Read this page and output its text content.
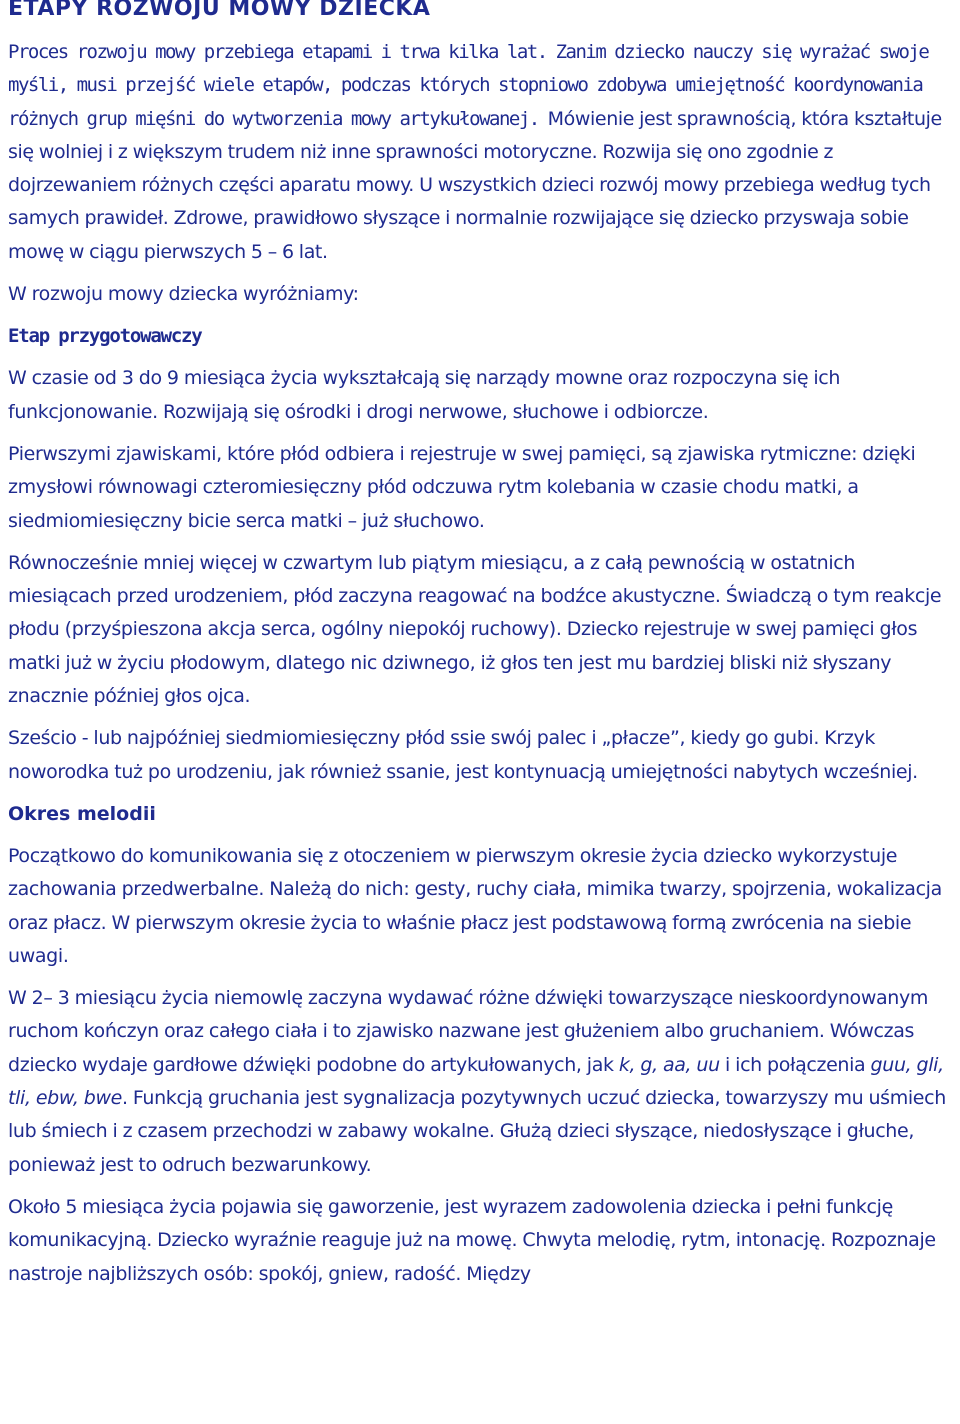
ETAPY ROZWOJU MOWY DZIECKA

Proces rozwoju mowy przebiega etapami i trwa kilka lat. Zanim dziecko nauczy się wyrażać swoje myśli, musi przejść wiele etapów, podczas których stopniowo zdobywa umiejętność koordynowania różnych grup mięśni do wytworzenia mowy artykułowanej. Mówienie jest sprawnością, która kształtuje się wolniej i z większym trudem niż inne sprawności motoryczne. Rozwija się ono zgodnie z dojrzewaniem różnych części aparatu mowy. U wszystkich dzieci rozwój mowy przebiega według tych samych prawideł. Zdrowe, prawidłowo słyszące i normalnie rozwijające się dziecko przyswaja sobie mowę w ciągu pierwszych 5 – 6 lat.

W rozwoju mowy dziecka wyróżniamy:

Etap przygotowawczy

W czasie od 3 do 9 miesiąca życia wykształcają się narządy mowne oraz rozpoczyna się ich funkcjonowanie. Rozwijają się ośrodki i drogi nerwowe, słuchowe i odbiorcze.

Pierwszymi zjawiskami, które płód odbiera i rejestruje w swej pamięci, są zjawiska rytmiczne: dzięki zmysłowi równowagi czteromiesięczny płód odczuwa rytm kolebania w czasie chodu matki, a siedmiomiesięczny bicie serca matki – już słuchowo.

Równocześnie mniej więcej w czwartym lub piątym miesiącu, a z całą pewnością w ostatnich miesiącach przed urodzeniem, płód zaczyna reagować na bodźce akustyczne. Świadczą o tym reakcje płodu (przyśpieszona akcja serca, ogólny niepokój ruchowy). Dziecko rejestruje w swej pamięci głos matki już w życiu płodowym, dlatego nic dziwnego, iż głos ten jest mu bardziej bliski niż słyszany znacznie później głos ojca.

Sześcio - lub najpóźniej siedmiomiesięczny płód ssie swój palec i „płacze”, kiedy go gubi. Krzyk noworodka tuż po urodzeniu, jak również ssanie, jest kontynuacją umiejętności nabytych wcześniej.

Okres melodii

Początkowo do komunikowania się z otoczeniem w pierwszym okresie życia dziecko wykorzystuje zachowania przedwerbalne. Należą do nich: gesty, ruchy ciała, mimika twarzy, spojrzenia, wokalizacja oraz płacz. W pierwszym okresie życia to właśnie płacz jest podstawową formą zwrócenia na siebie uwagi.

W 2– 3 miesiącu życia niemowlę zaczyna wydawać różne dźwięki towarzyszące nieskoordynowanym ruchom kończyn oraz całego ciała i to zjawisko nazwane jest głużeniem albo gruchaniem. Wówczas dziecko wydaje gardłowe dźwięki podobne do artykułowanych, jak k, g, aa, uu i ich połączenia guu, gli, tli, ebw, bwe. Funkcją gruchania jest sygnalizacja pozytywnych uczuć dziecka, towarzyszy mu uśmiech lub śmiech i z czasem przechodzi w zabawy wokalne. Głużą dzieci słyszące, niedosłyszące i głuche, ponieważ jest to odruch bezwarunkowy.

Około 5 miesiąca życia pojawia się gaworzenie, jest wyrazem zadowolenia dziecka i pełni funkcję komunikacyjną. Dziecko wyraźnie reaguje już na mowę. Chwyta melodię, rytm, intonację. Rozpoznaje nastroje najbliższych osób: spokój, gniew, radość. Między
